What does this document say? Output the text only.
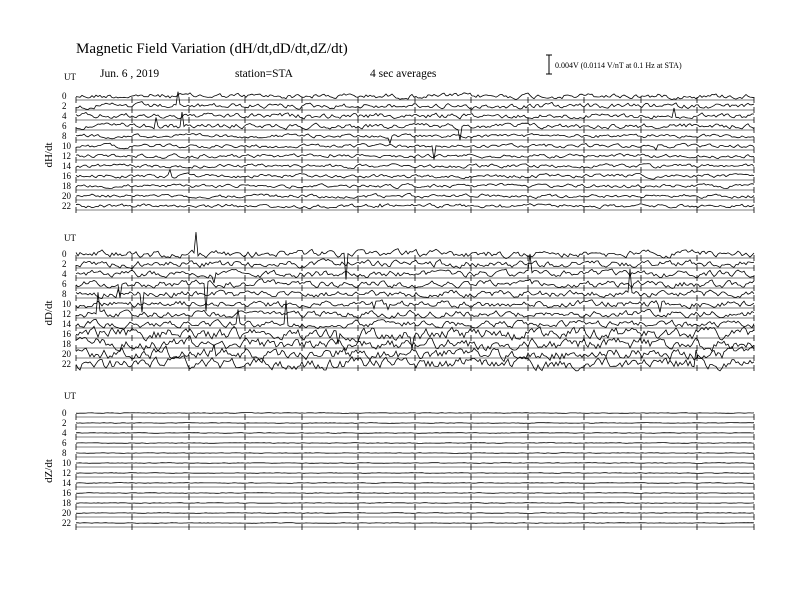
Magnetic Field Variation (dH/dt,dD/dt,dZ/dt)
Jun. 6 , 2019	station=STA	4 sec averages
0.004V (0.0114 V/nT at 0.1 Hz at STA)
UT
dH/dt
0
2
4
6
8
10
12
14
16
18
20
22
UT
dD/dt
0
2
4
6
8
10
12
14
16
18
20
22
UT
dZ/dt
0
2
4
6
8
10
12
14
16
18
20
22
